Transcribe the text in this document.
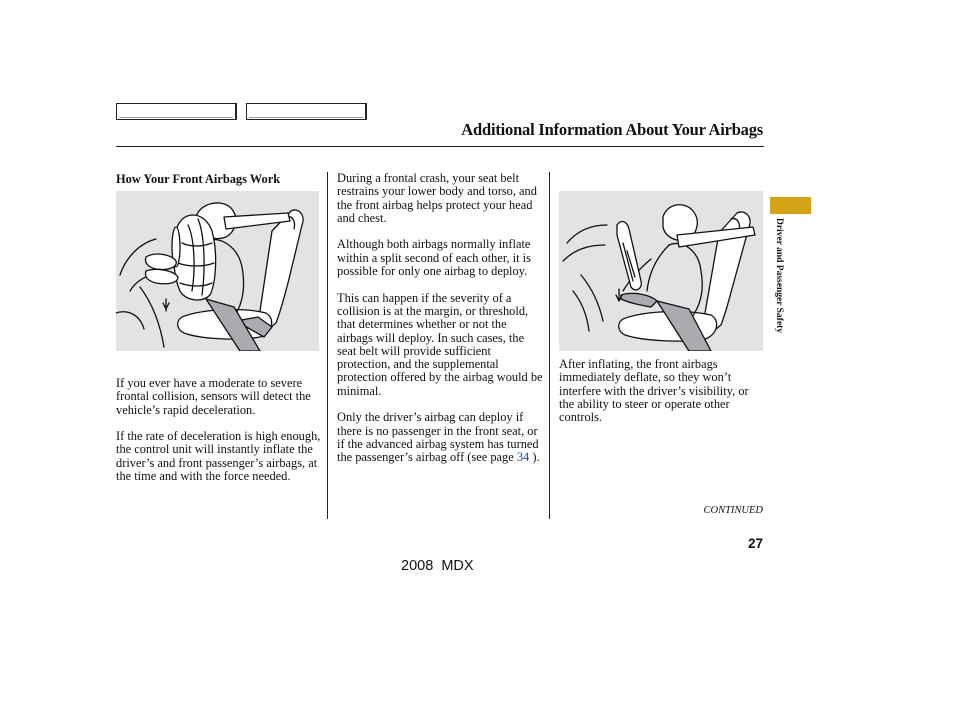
Additional Information About Your Airbags
How Your Front Airbags Work

If you ever have a moderate to severe frontal collision, sensors will detect the vehicle’s rapid deceleration.

If the rate of deceleration is high enough, the control unit will instantly inflate the driver’s and front passenger’s airbags, at the time and with the force needed.

During a frontal crash, your seat belt restrains your lower body and torso, and the front airbag helps protect your head and chest.

Although both airbags normally inflate within a split second of each other, it is possible for only one airbag to deploy.

This can happen if the severity of a collision is at the margin, or threshold, that determines whether or not the airbags will deploy. In such cases, the seat belt will provide sufficient protection, and the supplemental protection offered by the airbag would be minimal.

Only the driver’s airbag can deploy if there is no passenger in the front seat, or if the advanced airbag system has turned the passenger’s airbag off (see page 34 ).

After inflating, the front airbags immediately deflate, so they won’t interfere with the driver’s visibility, or the ability to steer or operate other controls.

Driver and Passenger Safety
CONTINUED
27
2008  MDX
